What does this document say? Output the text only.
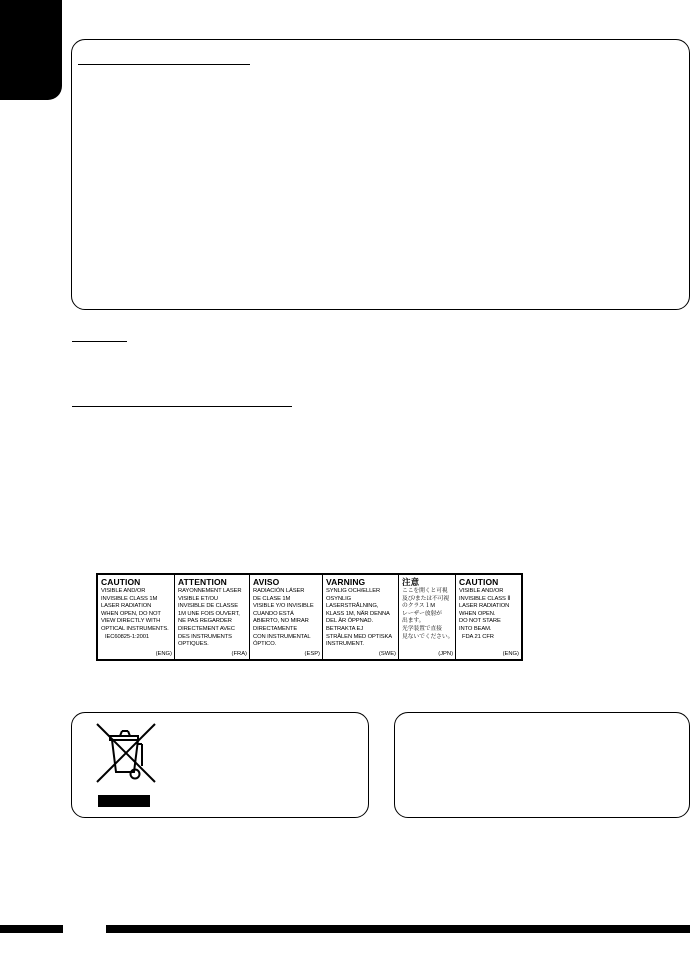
CAUTION
VISIBLE AND/OR
INVISIBLE CLASS 1M
LASER RADIATION
WHEN OPEN, DO NOT
VIEW DIRECTLY WITH
OPTICAL INSTRUMENTS.
IEC60825-1:2001
(ENG)
ATTENTION
RAYONNEMENT LASER
VISIBLE ET/OU
INVISIBLE DE CLASSE
1M UNE FOIS OUVERT,
NE PAS REGARDER
DIRECTEMENT AVEC
DES INSTRUMENTS
OPTIQUES.
(FRA)
AVISO
RADIACIÓN LÁSER
DE CLASE 1M
VISIBLE Y/O INVISIBLE
CUANDO ESTÁ
ABIERTO, NO MIRAR
DIRECTAMENTE
CON INSTRUMENTAL
ÓPTICO.
(ESP)
VARNING
SYNLIG OCH/ELLER
OSYNLIG
LASERSTRÅLNING,
KLASS 1M, NÄR DENNA
DEL ÄR ÖPPNAD.
BETRAKTA EJ
STRÅLEN MED OPTISKA
INSTRUMENT.
(SWE)
注意
ここを開くと可視
及び/または不可視
のクラス１M
レーザー放射が
出ます。
光学装置で直接
見ないでください。
(JPN)
CAUTION
VISIBLE AND/OR
INVISIBLE CLASS Ⅱ
LASER RADIATION
WHEN OPEN.
DO NOT STARE
INTO BEAM.
FDA 21 CFR
(ENG)
